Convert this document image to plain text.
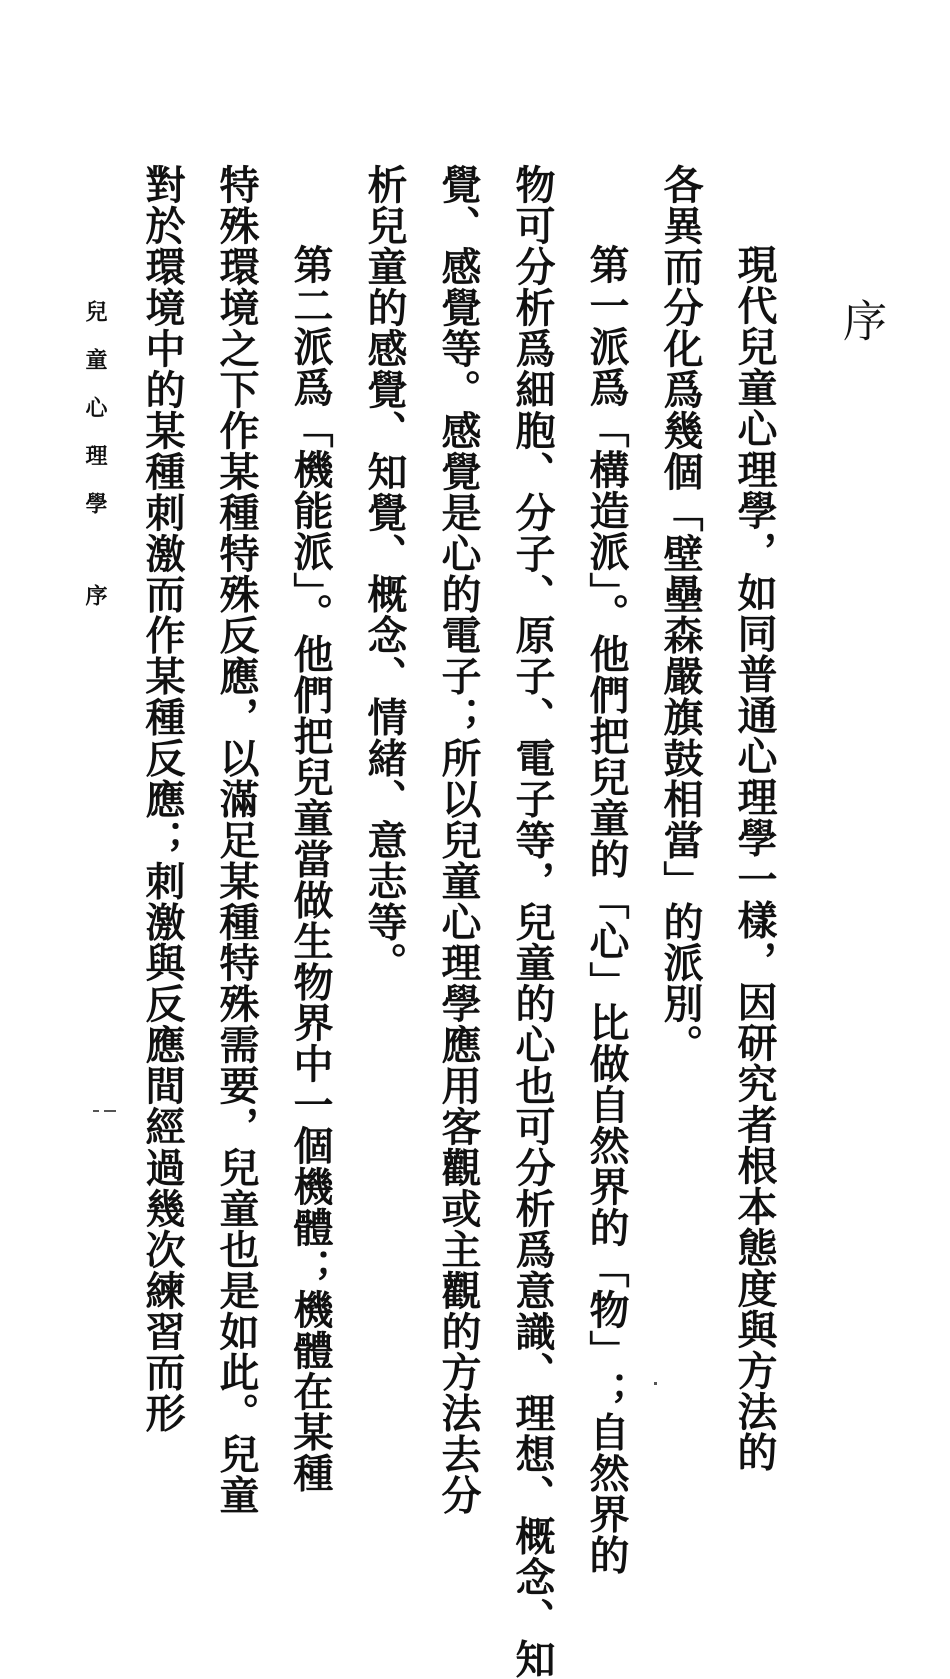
序
現代兒童心理學，如同普通心理學一樣，因研究者根本態度與方法的
各異而分化爲幾個「壁壘森嚴旗鼓相當」的派別。
第一派爲「構造派」。他們把兒童的「心」比做自然界的「物」；自然界的
物可分析爲細胞、分子、原子、電子等，兒童的心也可分析爲意識、理想、概念、知
覺、感覺等。感覺是心的電子；所以兒童心理學應用客觀或主觀的方法去分
析兒童的感覺、知覺、概念、情緒、意志等。
第二派爲「機能派」。他們把兒童當做生物界中一個機體；機體在某種
特殊環境之下作某種特殊反應，以滿足某種特殊需要，兒童也是如此。兒童
對於環境中的某種刺激而作某種反應；刺激與反應間經過幾次練習而形
兒童心理學
序
